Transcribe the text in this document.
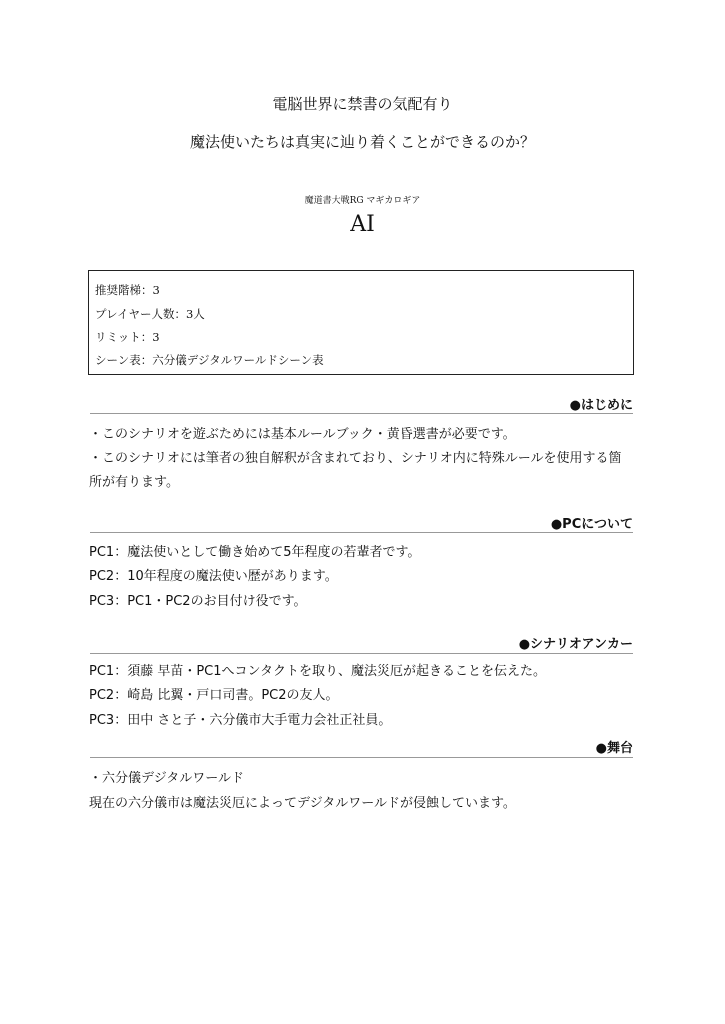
電脳世界に禁書の気配有り
魔法使いたちは真実に辿り着くことができるのか？
魔道書大戦RG マギカロギア
AI
推奨階梯：3
プレイヤー人数：3人
リミット：3
シーン表：六分儀デジタルワールドシーン表
●はじめに
・このシナリオを遊ぶためには基本ルールブック・黄昏選書が必要です。
・このシナリオには筆者の独自解釈が含まれており、シナリオ内に特殊ルールを使用する箇
所が有ります。
●PCについて
PC1：魔法使いとして働き始めて5年程度の若輩者です。
PC2：10年程度の魔法使い歴があります。
PC3：PC1・PC2のお目付け役です。
●シナリオアンカー
PC1：須藤 早苗・PC1へコンタクトを取り、魔法災厄が起きることを伝えた。
PC2：崎島 比翼・戸口司書。PC2の友人。
PC3：田中 さと子・六分儀市大手電力会社正社員。
●舞台
・六分儀デジタルワールド
現在の六分儀市は魔法災厄によってデジタルワールドが侵蝕しています。
